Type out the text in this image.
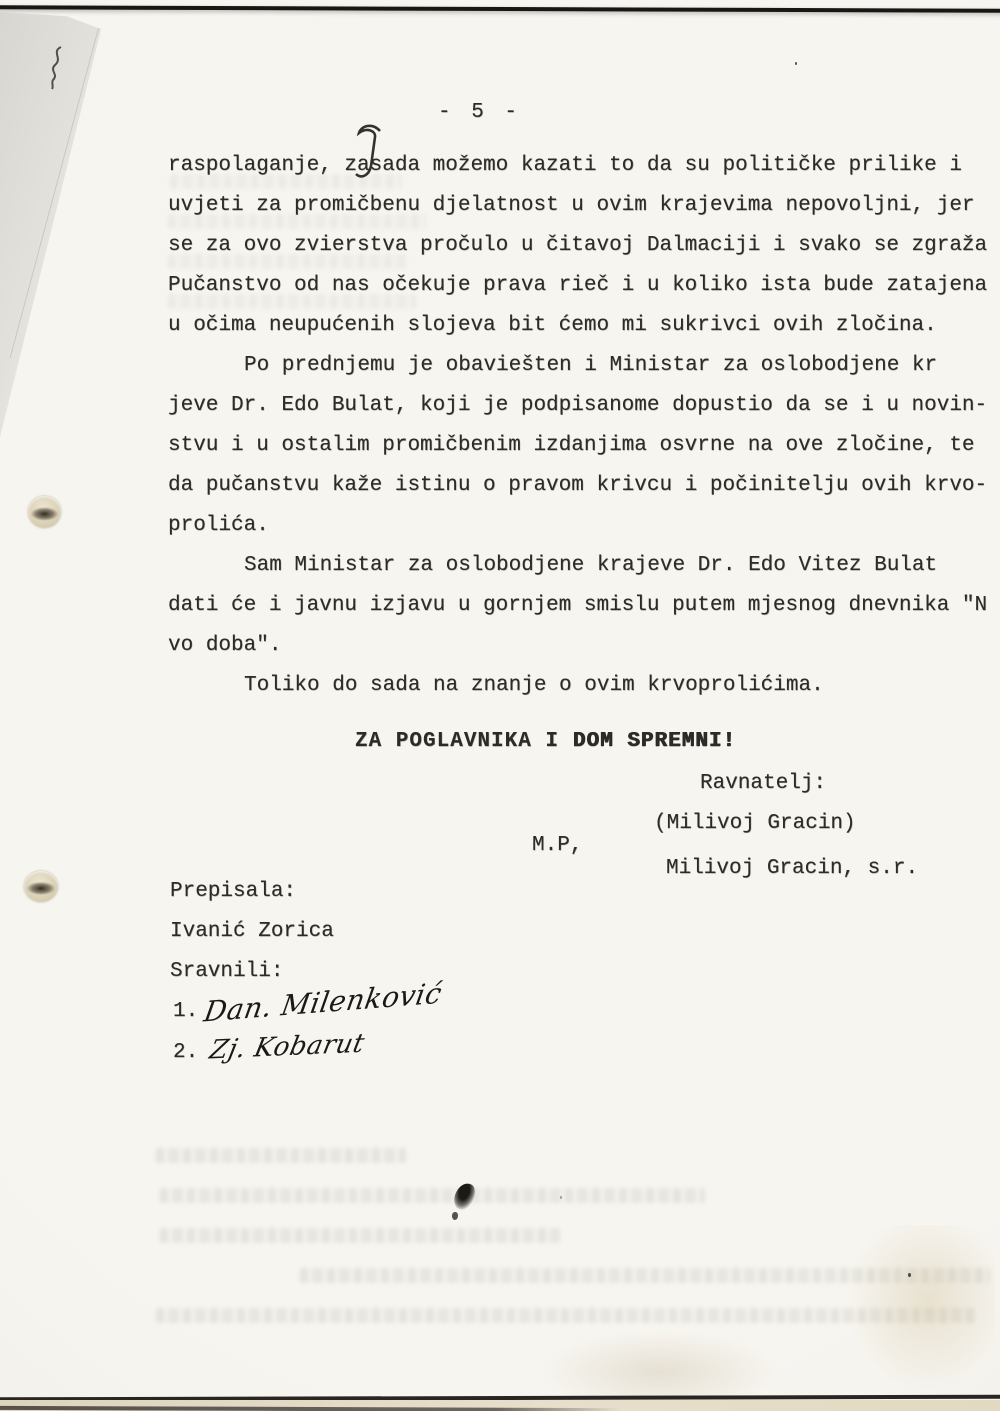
- 5 -
raspolaganje, zasada možemo kazati to da su političke prilike i
uvjeti za promičbenu djelatnost u ovim krajevima nepovoljni, jer
se za ovo zvierstva pročulo u čitavoj Dalmaciji i svako se zgraža
Pučanstvo od nas očekuje prava rieč i u koliko ista bude zatajena
u očima neupućenih slojeva bit ćemo mi sukrivci ovih zločina.
Po prednjemu je obaviešten i Ministar za oslobodjene kr
jeve Dr. Edo Bulat, koji je podpisanome dopustio da se i u novin-
stvu i u ostalim promičbenim izdanjima osvrne na ove zločine, te
da pučanstvu kaže istinu o pravom krivcu i počinitelju ovih krvo-
prolića.
Sam Ministar za oslobodjene krajeve Dr. Edo Vitez Bulat
dati će i javnu izjavu u gornjem smislu putem mjesnog dnevnika "N
vo doba".
Toliko do sada na znanje o ovim krvoprolićima.
ZA POGLAVNIKA I DOM SPREMNI!
Ravnatelj:
(Milivoj Gracin)
M.P,
Milivoj Gracin, s.r.
Prepisala:
Ivanić Zorica
Sravnili:
1. Dan. Milenković
2. Zj. Kobarut
